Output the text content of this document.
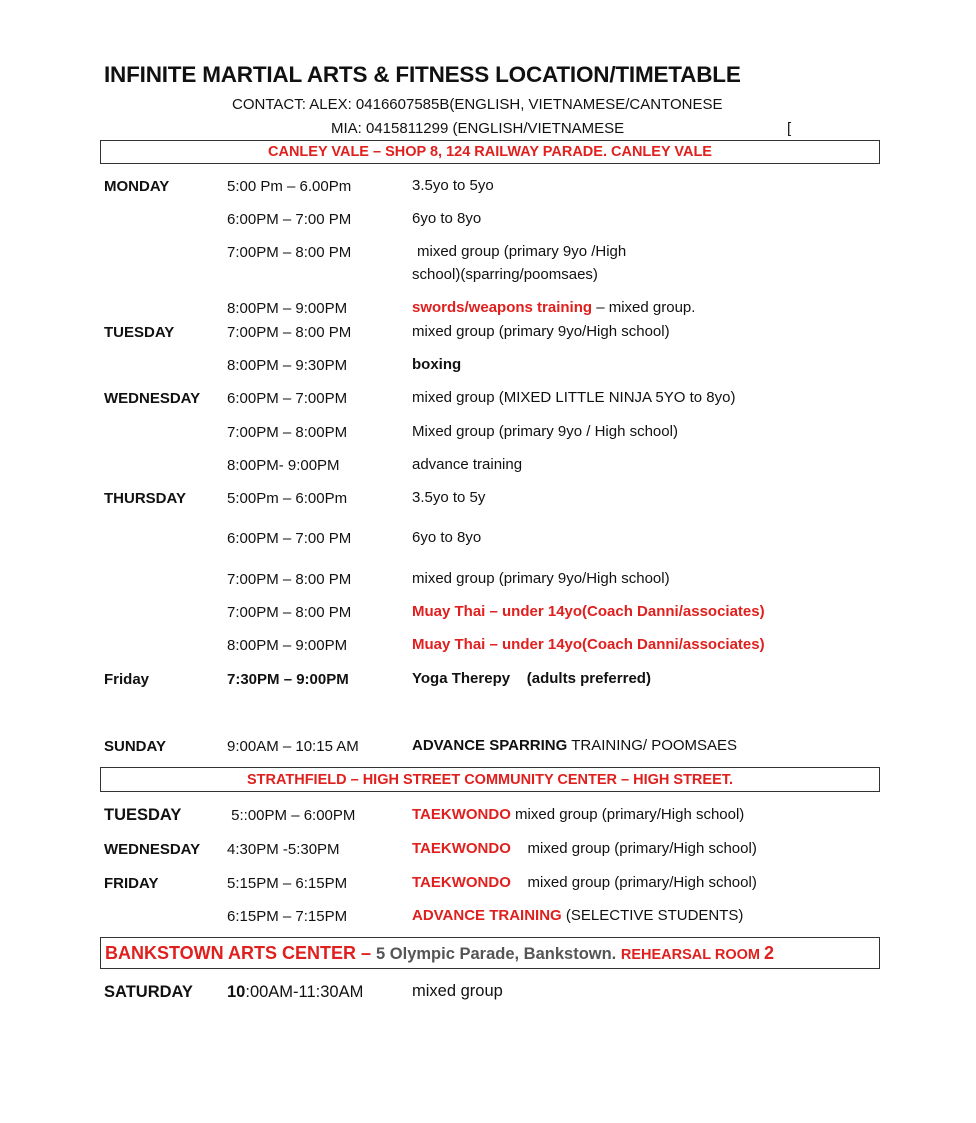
INFINITE MARTIAL ARTS & FITNESS LOCATION/TIMETABLE
CONTACT: ALEX: 0416607585B(ENGLISH, VIETNAMESE/CANTONESE
MIA: 0415811299 (ENGLISH/VIETNAMESE	[
CANLEY VALE – SHOP 8, 124 RAILWAY PARADE. CANLEY VALE
MONDAY	5:00 Pm – 6.00Pm	3.5yo to 5yo
6:00PM – 7:00 PM	6yo to 8yo
7:00PM – 8:00 PM	mixed group (primary 9yo /High
school)(sparring/poomsaes)
8:00PM – 9:00PM	swords/weapons training – mixed group.
TUESDAY	7:00PM – 8:00 PM	mixed group (primary 9yo/High school)
8:00PM – 9:30PM	boxing
WEDNESDAY 6:00PM – 7:00PM	mixed group (MIXED LITTLE NINJA 5YO to 8yo)
7:00PM – 8:00PM	Mixed group (primary 9yo / High school)
8:00PM- 9:00PM	advance training
THURSDAY	5:00Pm – 6:00Pm	3.5yo to 5y
6:00PM – 7:00 PM	6yo to 8yo
7:00PM – 8:00 PM	mixed group (primary 9yo/High school)
7:00PM – 8:00 PM	Muay Thai – under 14yo(Coach Danni/associates)
8:00PM – 9:00PM	Muay Thai – under 14yo(Coach Danni/associates)
Friday	7:30PM – 9:00PM	Yoga Therepy    (adults preferred)
SUNDAY	9:00AM – 10:15 AM	ADVANCE SPARRING TRAINING/ POOMSAES
STRATHFIELD – HIGH STREET COMMUNITY CENTER – HIGH STREET.
TUESDAY	5::00PM – 6:00PM	TAEKWONDO mixed group (primary/High school)
WEDNESDAY 4:30PM -5:30PM	TAEKWONDO    mixed group (primary/High school)
FRIDAY	5:15PM – 6:15PM	TAEKWONDO    mixed group (primary/High school)
6:15PM – 7:15PM	ADVANCE TRAINING (SELECTIVE STUDENTS)
BANKSTOWN ARTS CENTER – 5 Olympic Parade, Bankstown. REHEARSAL ROOM 2
SATURDAY 10:00AM-11:30AM	mixed group
